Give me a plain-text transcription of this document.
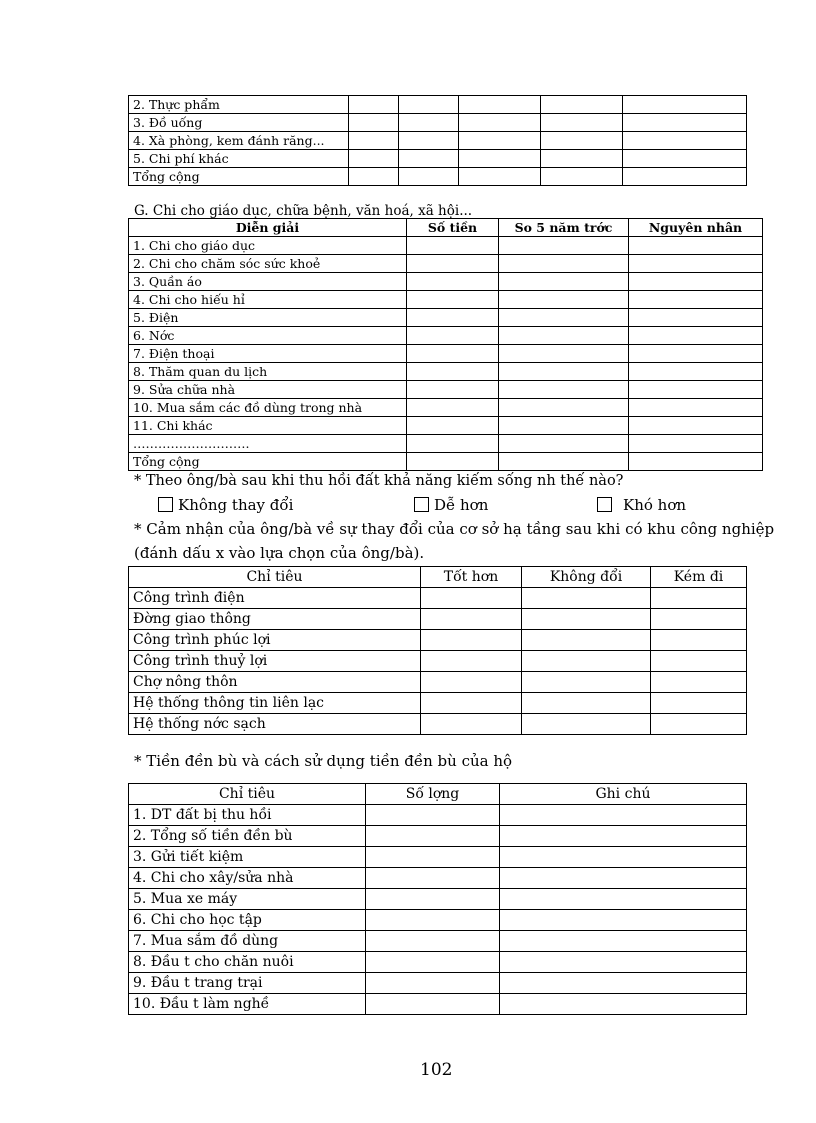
2. Thực phẩm					
3. Đồ uống					
4. Xà phòng, kem đánh răng...					
5. Chi phí khác					
Tổng cộng					
G. Chi cho giáo dục, chữa bệnh, văn hoá, xã hội...
Diễn giải	Số tiền	So 5 năm trớc	Nguyên nhân
1. Chi cho giáo dục			
2. Chi cho chăm sóc sức khoẻ			
3. Quần áo			
4. Chi cho hiếu hỉ			
5. Điện			
6. Nớc			
7. Điện thoại			
8. Thăm quan du lịch			
9. Sửa chữa nhà			
10. Mua sắm các đồ dùng trong nhà			
11. Chi khác			
……………………….			
Tổng cộng			
* Theo ông/bà sau khi thu hồi đất khả năng kiếm sống nh thế nào?
Không thay đổi	Dễ hơn	Khó hơn
* Cảm nhận của ông/bà về sự thay đổi của cơ sở hạ tầng sau khi có khu công nghiệp
(đánh dấu x vào lựa chọn của ông/bà).
Chỉ tiêu	Tốt hơn	Không đổi	Kém đi
Công trình điện			
Đờng giao thông			
Công trình phúc lợi			
Công trình thuỷ lợi			
Chợ nông thôn			
Hệ thống thông tin liên lạc			
Hệ thống nớc sạch			
* Tiền đền bù và cách sử dụng tiền đền bù của hộ
Chỉ tiêu	Số lợng	Ghi chú
1. DT đất bị thu hồi		
2. Tổng số tiền đền bù		
3. Gửi tiết kiệm		
4. Chi cho xây/sửa nhà		
5. Mua xe máy		
6. Chi cho học tập		
7. Mua sắm đồ dùng		
8. Đầu t cho chăn nuôi		
9. Đầu t trang trại		
10. Đầu t làm nghề		
102
